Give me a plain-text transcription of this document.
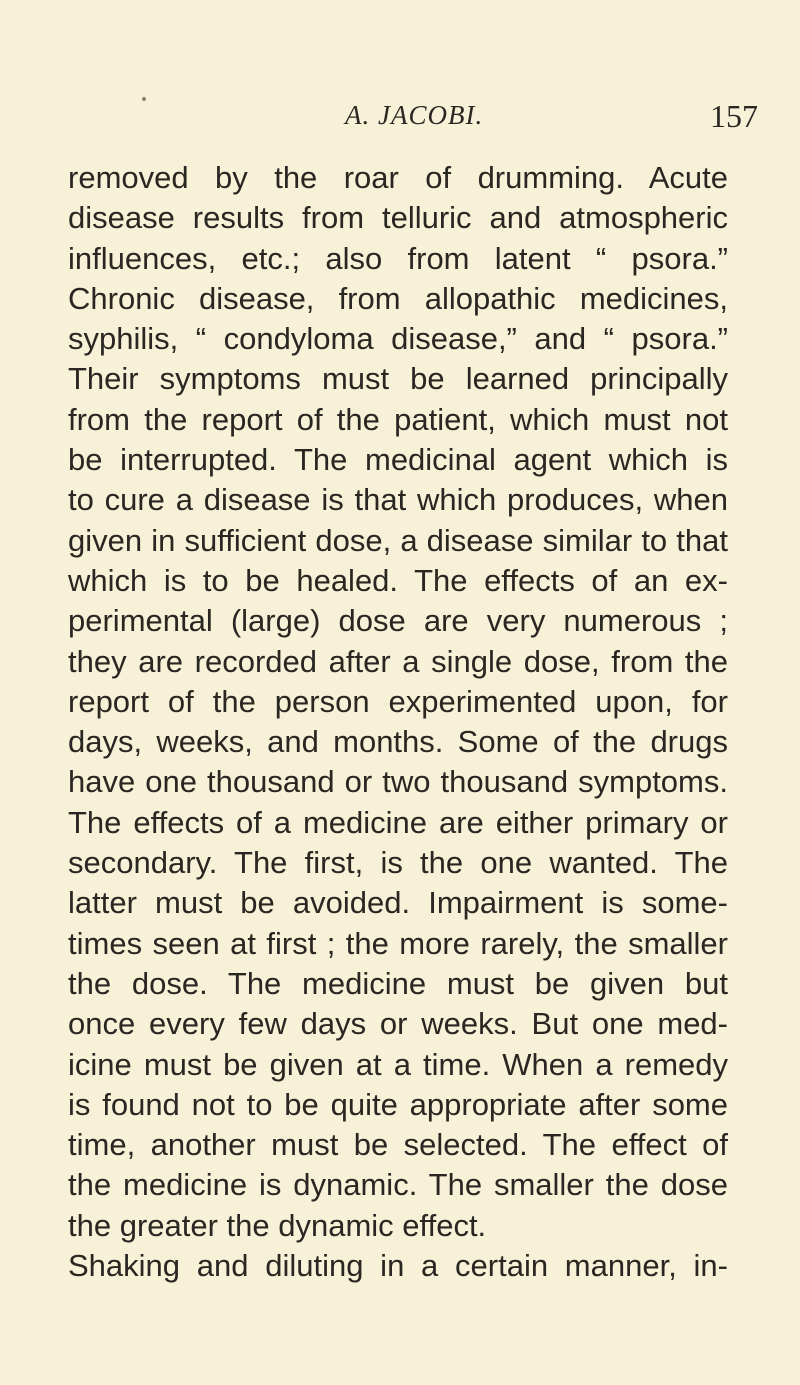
A. JACOBI.	157
removed by the roar of drumming. Acute
disease results from telluric and atmospheric
influences, etc.; also from latent “ psora.”
Chronic disease, from allopathic medicines,
syphilis, “ condyloma disease,” and “ psora.”
Their symptoms must be learned principally
from the report of the patient, which must not
be interrupted. The medicinal agent which is
to cure a disease is that which produces, when
given in sufficient dose, a disease similar to that
which is to be healed. The effects of an ex-
perimental (large) dose are very numerous ;
they are recorded after a single dose, from the
report of the person experimented upon, for
days, weeks, and months. Some of the drugs
have one thousand or two thousand symptoms.
The effects of a medicine are either primary or
secondary. The first, is the one wanted. The
latter must be avoided. Impairment is some-
times seen at first ; the more rarely, the smaller
the dose. The medicine must be given but
once every few days or weeks. But one med-
icine must be given at a time. When a remedy
is found not to be quite appropriate after some
time, another must be selected. The effect of
the medicine is dynamic. The smaller the dose
the greater the dynamic effect.
Shaking and diluting in a certain manner, in-
